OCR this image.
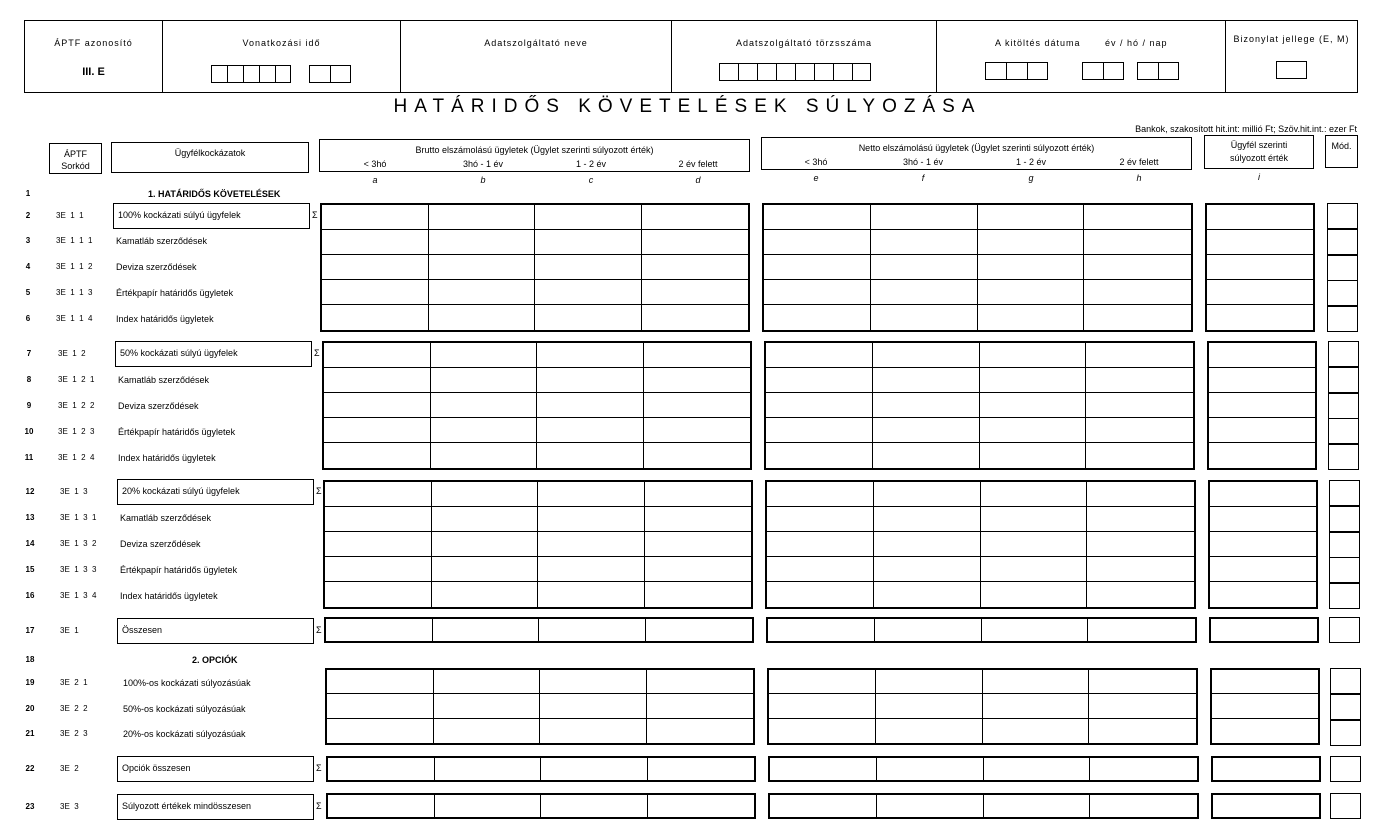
ÁPTF azonosító
III. E
Vonatkozási idő	Adatszolgáltató neve	Adatszolgáltató törzsszáma	A kitöltés dátuma	év / hó / nap	Bizonylat jellege (E, M)
HATÁRIDŐS KÖVETELÉSEK SÚLYOZÁSA
Bankok, szakosított hit.int: millió Ft; Szöv.hit.int.: ezer Ft
ÁPTF Sorkód
Ügyfélkockázatok	Brutto elszámolású ügyletek (Ügylet szerinti súlyozott érték)	Netto elszámolású ügyletek (Ügylet szerinti súlyozott érték)	Ügyfél szerinti súlyozott érték
Mód.
< 3hó
a
< 3hó
e
3hó - 1 év
b
3hó - 1 év
f
1 - 2 év
c
1 - 2 év
g
2 év felett
d
2 év felett
h	i
1	1. HATÁRIDŐS KÖVETELÉSEK
2	3E  1  1	100% kockázati súlyú ügyfelek	Σ
3	3E  1  1  1	Kamatláb szerződések
4	3E  1  1  2	Deviza szerződések
5	3E  1  1  3	Értékpapír határidős ügyletek
6	3E  1  1  4	Index határidős ügyletek
7	3E  1  2	50% kockázati súlyú ügyfelek	Σ
8	3E  1  2  1	Kamatláb szerződések
9	3E  1  2  2	Deviza szerződések
10	3E  1  2  3	Értékpapír határidős ügyletek
11	3E  1  2  4	Index határidős ügyletek
12	3E  1  3	20% kockázati súlyú ügyfelek	Σ
13	3E  1  3  1	Kamatláb szerződések
14	3E  1  3  2	Deviza szerződések
15	3E  1  3  3	Értékpapír határidős ügyletek
16	3E  1  3  4	Index határidős ügyletek
17	3E  1	Összesen	Σ
18	2. OPCIÓK
19	3E  2  1	100%-os kockázati súlyozásúak
20	3E  2  2	50%-os kockázati súlyozásúak
21	3E  2  3	20%-os kockázati súlyozásúak
22	3E  2	Opciók összesen	Σ
23	3E  3	Súlyozott értékek mindösszesen	Σ
